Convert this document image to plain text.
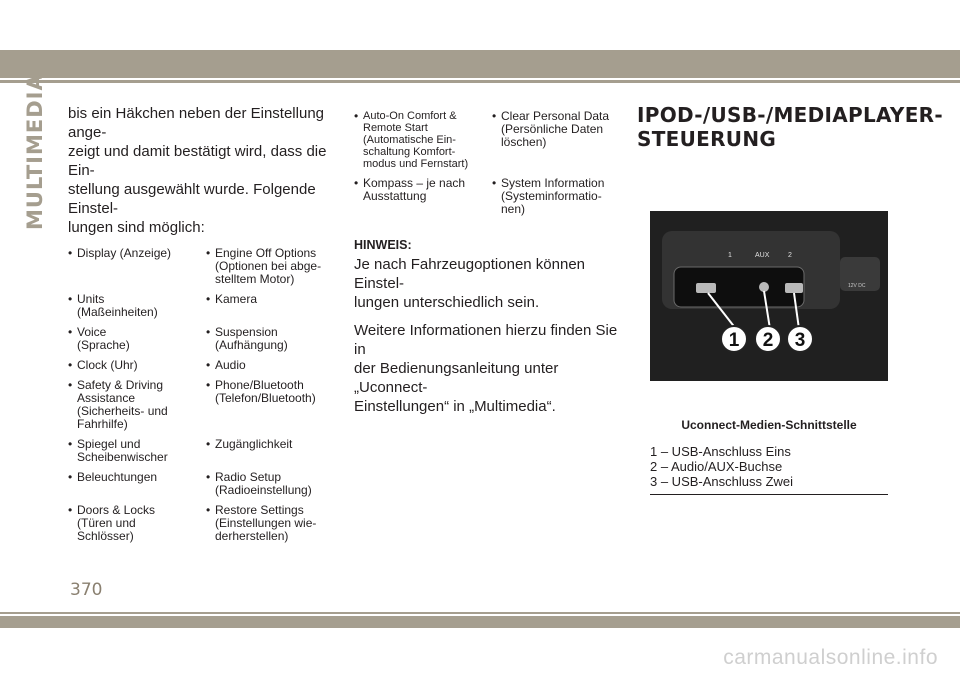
MULTIMEDIA bis ein Häkchen neben der Einstellung ange-
zeigt und damit bestätigt wird, dass die Ein-
stellung ausgewählt wurde. Folgende Einstel-
lungen sind möglich:

• Display (Anzeige)	• Engine Off Options
(Optionen bei abge-
stelltem Motor)
• Units
(Maßeinheiten)
• Kamera
• Voice
(Sprache)
• Suspension
(Aufhängung)
• Clock (Uhr)	• Audio
• Safety & Driving
Assistance
(Sicherheits- und
Fahrhilfe)
• Phone/Bluetooth
(Telefon/Bluetooth)
• Spiegel und
Scheibenwischer
• Zugänglichkeit
• Beleuchtungen	• Radio Setup
(Radioeinstellung)
• Doors & Locks
(Türen und
Schlösser)
• Restore Settings
(Einstellungen wie-
derherstellen)
• Auto-On Comfort &
Remote Start
(Automatische Ein-
schaltung Komfort-
modus und Fernstart)
• Clear Personal Data
(Persönliche Daten
löschen)
• Kompass – je nach
Ausstattung
• System Information
(Systeminformatio-
nen)

HINWEIS:

Je nach Fahrzeugoptionen können Einstel-
lungen unterschiedlich sein.

Weitere Informationen hierzu finden Sie in
der Bedienungsanleitung unter „Uconnect-
Einstellungen“ in „Multimedia“.

IPOD-/USB-/MEDIAPLAYER-
STEUERUNG

1	AUX	2
12V DC
1 2 3
Uconnect-Medien-Schnittstelle
1 – USB-Anschluss Eins
2 – Audio/AUX-Buchse
3 – USB-Anschluss Zwei
370
carmanualsonline.info
